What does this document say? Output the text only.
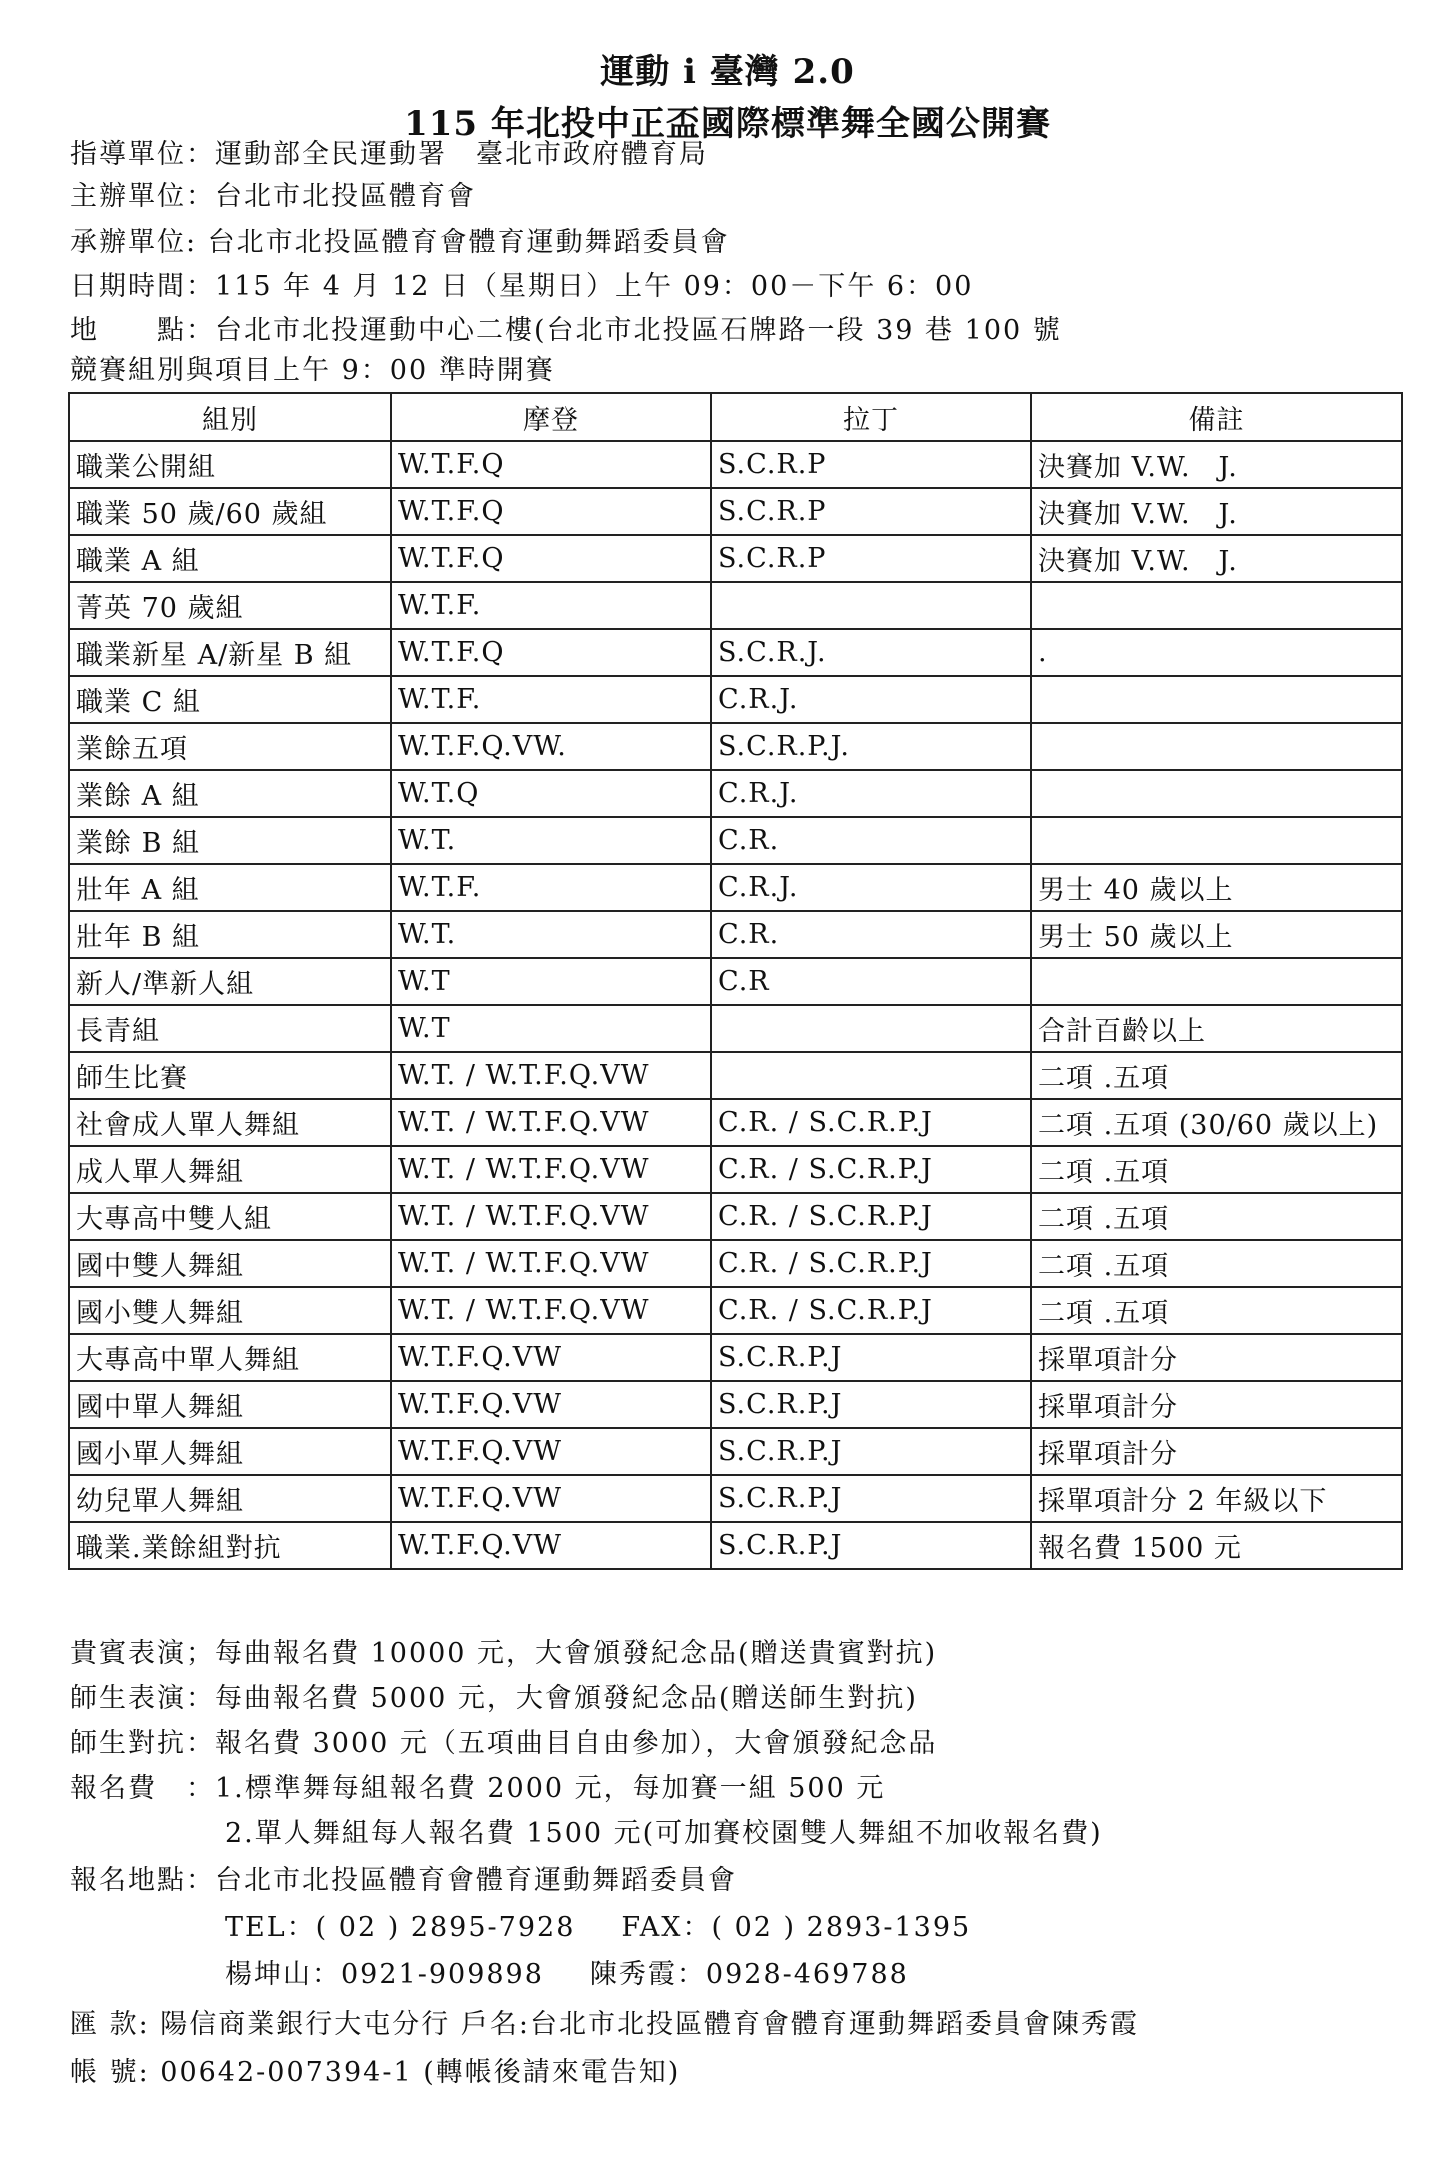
運動 i 臺灣 2.0
115 年北投中正盃國際標準舞全國公開賽
指導單位：運動部全民運動署　臺北市政府體育局
主辦單位：台北市北投區體育會
承辦單位: 台北市北投區體育會體育運動舞蹈委員會
日期時間：115 年 4 月 12 日（星期日）上午 09：00－下午 6：00
地　　點：台北市北投運動中心二樓(台北市北投區石牌路一段 39 巷 100 號
競賽組別與項目上午 9：00 準時開賽
組別	摩登	拉丁	備註
職業公開組	W.T.F.Q	S.C.R.P	決賽加 V.W.　J.
職業 50 歲/60 歲組	W.T.F.Q	S.C.R.P	決賽加 V.W.　J.
職業 A 組	W.T.F.Q	S.C.R.P	決賽加 V.W.　J.
菁英 70 歲組	W.T.F.		
職業新星 A/新星 B 組	W.T.F.Q	S.C.R.J.	.
職業 C 組	W.T.F.	C.R.J.	
業餘五項	W.T.F.Q.VW.	S.C.R.P.J.	
業餘 A 組	W.T.Q	C.R.J.	
業餘 B 組	W.T.	C.R.	
壯年 A 組	W.T.F.	C.R.J.	男士 40 歲以上
壯年 B 組	W.T.	C.R.	男士 50 歲以上
新人/準新人組	W.T	C.R	
長青組	W.T		合計百齡以上
師生比賽	W.T. / W.T.F.Q.VW		二項 .五項
社會成人單人舞組	W.T. / W.T.F.Q.VW	C.R. / S.C.R.P.J	二項 .五項 (30/60 歲以上)
成人單人舞組	W.T. / W.T.F.Q.VW	C.R. / S.C.R.P.J	二項 .五項
大專高中雙人組	W.T. / W.T.F.Q.VW	C.R. / S.C.R.P.J	二項 .五項
國中雙人舞組	W.T. / W.T.F.Q.VW	C.R. / S.C.R.P.J	二項 .五項
國小雙人舞組	W.T. / W.T.F.Q.VW	C.R. / S.C.R.P.J	二項 .五項
大專高中單人舞組	W.T.F.Q.VW	S.C.R.P.J	採單項計分
國中單人舞組	W.T.F.Q.VW	S.C.R.P.J	採單項計分
國小單人舞組	W.T.F.Q.VW	S.C.R.P.J	採單項計分
幼兒單人舞組	W.T.F.Q.VW	S.C.R.P.J	採單項計分 2 年級以下
職業.業餘組對抗	W.T.F.Q.VW	S.C.R.P.J	報名費 1500 元
貴賓表演；每曲報名費 10000 元，大會頒發紀念品(贈送貴賓對抗)
師生表演：每曲報名費 5000 元，大會頒發紀念品(贈送師生對抗)
師生對抗：報名費 3000 元（五項曲目自由參加），大會頒發紀念品
報名費　：1.標準舞每組報名費 2000 元，每加賽一組 500 元
2.單人舞組每人報名費 1500 元(可加賽校園雙人舞組不加收報名費)
報名地點：台北市北投區體育會體育運動舞蹈委員會
TEL：( 02 ) 2895-7928 FAX：( 02 ) 2893-1395
楊坤山：0921-909898 陳秀霞：0928-469788
匯 款: 陽信商業銀行大屯分行 戶名:台北市北投區體育會體育運動舞蹈委員會陳秀霞
帳 號: 00642-007394-1 (轉帳後請來電告知)
